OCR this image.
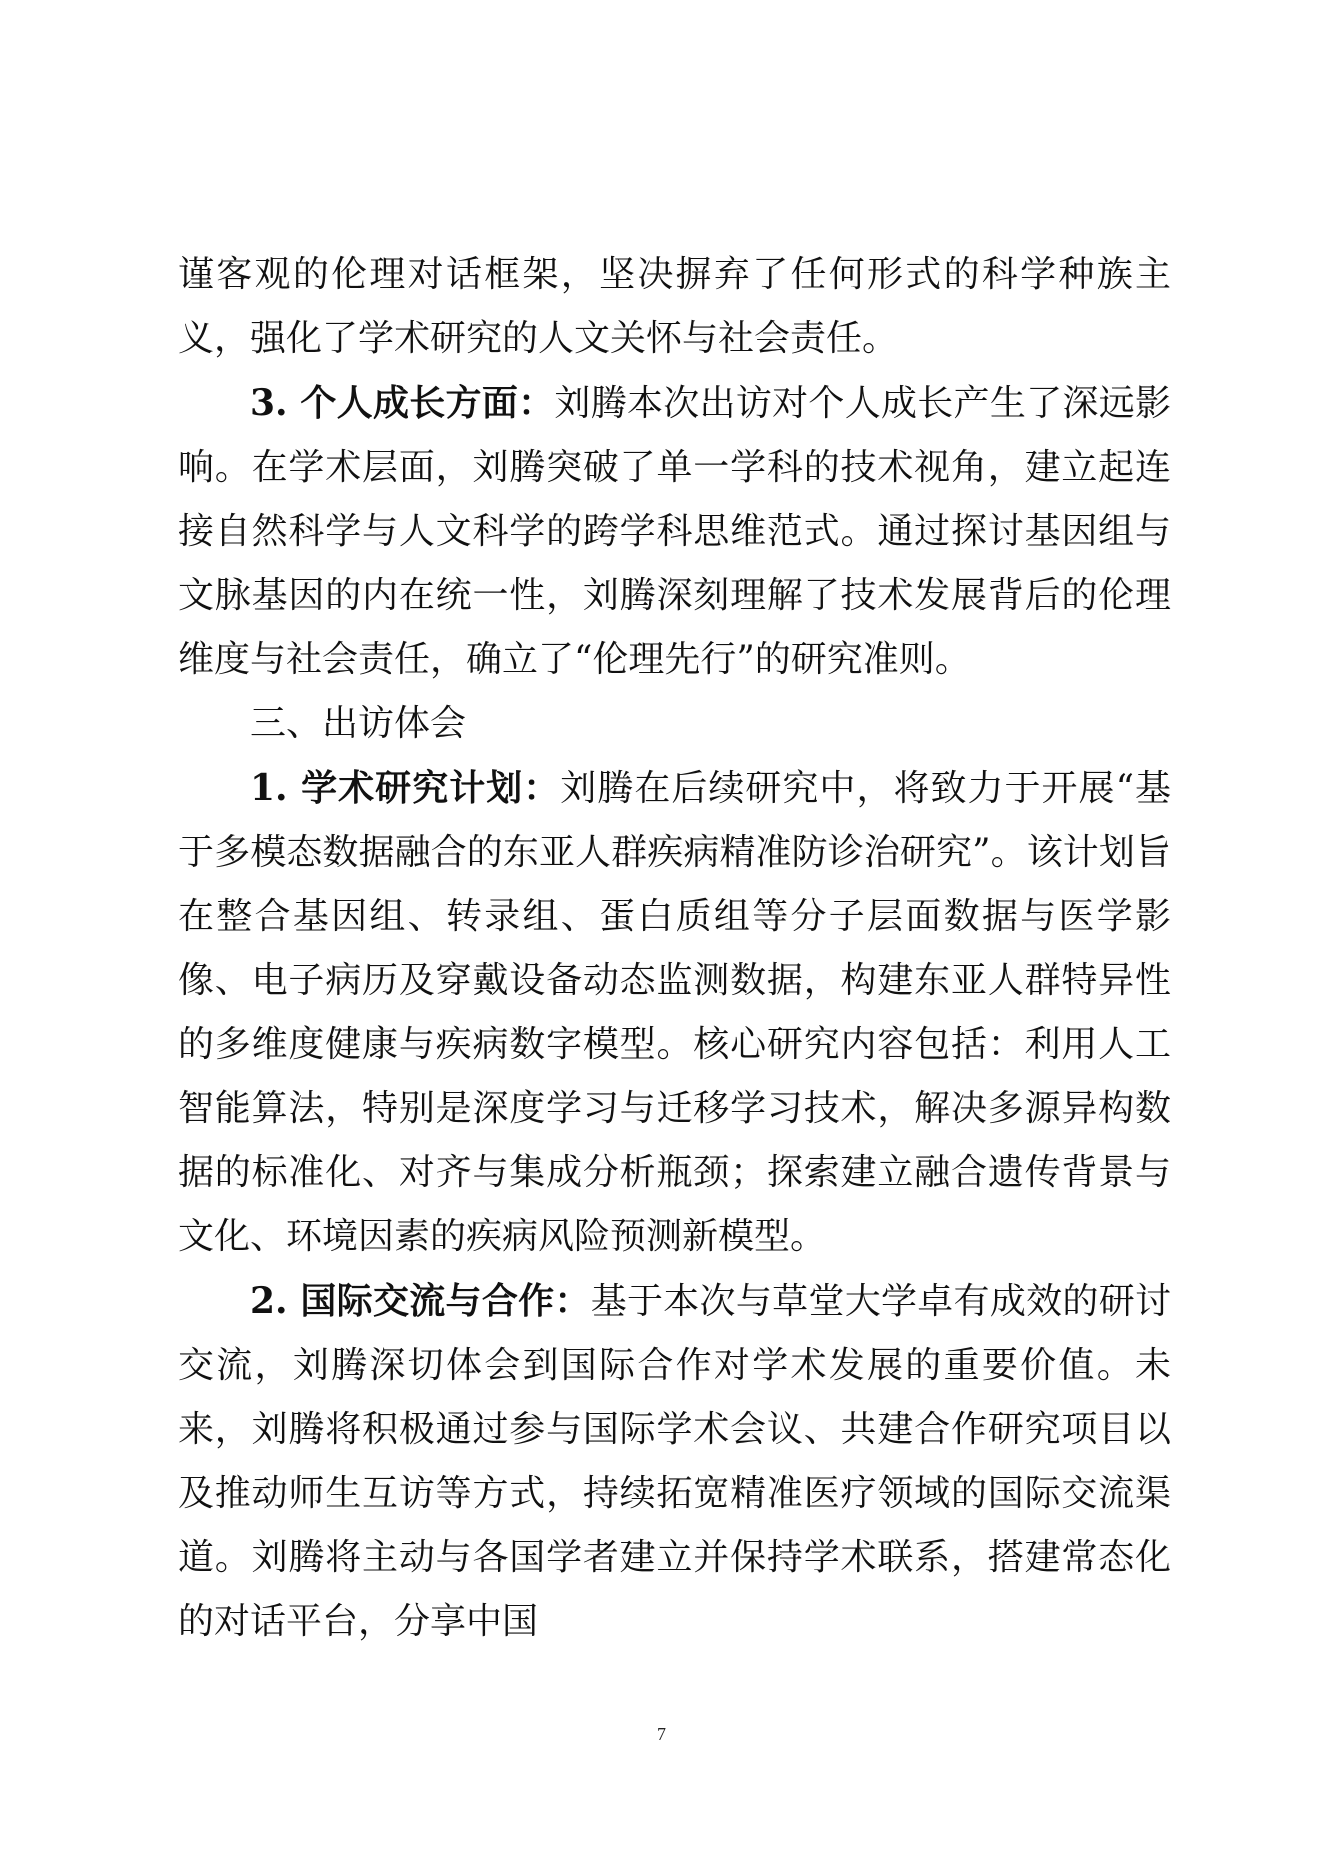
谨客观的伦理对话框架，坚决摒弃了任何形式的科学种族主义，强化了学术研究的人文关怀与社会责任。

3. 个人成长方面：刘腾本次出访对个人成长产生了深远影响。在学术层面，刘腾突破了单一学科的技术视角，建立起连接自然科学与人文科学的跨学科思维范式。通过探讨基因组与文脉基因的内在统一性，刘腾深刻理解了技术发展背后的伦理维度与社会责任，确立了“伦理先行”的研究准则。

三、出访体会

1. 学术研究计划：刘腾在后续研究中，将致力于开展“基于多模态数据融合的东亚人群疾病精准防诊治研究”。该计划旨在整合基因组、转录组、蛋白质组等分子层面数据与医学影像、电子病历及穿戴设备动态监测数据，构建东亚人群特异性的多维度健康与疾病数字模型。核心研究内容包括：利用人工智能算法，特别是深度学习与迁移学习技术，解决多源异构数据的标准化、对齐与集成分析瓶颈；探索建立融合遗传背景与文化、环境因素的疾病风险预测新模型。

2. 国际交流与合作：基于本次与草堂大学卓有成效的研讨交流，刘腾深切体会到国际合作对学术发展的重要价值。未来，刘腾将积极通过参与国际学术会议、共建合作研究项目以及推动师生互访等方式，持续拓宽精准医疗领域的国际交流渠道。刘腾将主动与各国学者建立并保持学术联系，搭建常态化的对话平台，分享中国

7
